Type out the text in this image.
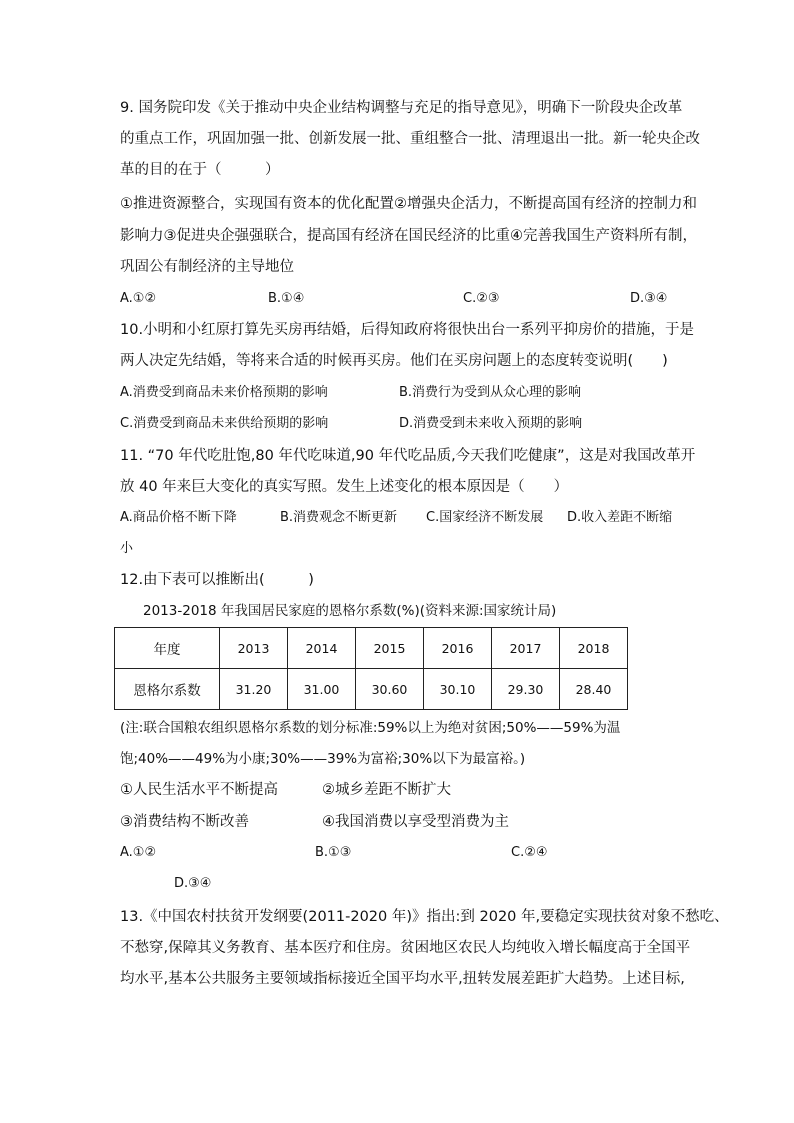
9. 国务院印发《关于推动中央企业结构调整与充足的指导意见》，明确下一阶段央企改革
的重点工作，巩固加强一批、创新发展一批、重组整合一批、清理退出一批。新一轮央企改
革的目的在于（　　　）
①推进资源整合，实现国有资本的优化配置②增强央企活力，不断提高国有经济的控制力和
影响力③促进央企强强联合，提高国有经济在国民经济的比重④完善我国生产资料所有制，
巩固公有制经济的主导地位
A.①②	B.①④	C.②③	D.③④
10.小明和小红原打算先买房再结婚，后得知政府将很快出台一系列平抑房价的措施，于是
两人决定先结婚，等将来合适的时候再买房。他们在买房问题上的态度转变说明(　　)
A.消费受到商品未来价格预期的影响	B.消费行为受到从众心理的影响
C.消费受到商品未来供给预期的影响	D.消费受到未来收入预期的影响
11. “70 年代吃肚饱,80 年代吃味道,90 年代吃品质,今天我们吃健康”，这是对我国改革开
放 40 年来巨大变化的真实写照。发生上述变化的根本原因是（　　）
A.商品价格不断下降	B.消费观念不断更新 C.国家经济不断发展 D.收入差距不断缩
小
12.由下表可以推断出(　　　)
2013-2018 年我国居民家庭的恩格尔系数(%)(资料来源:国家统计局)
年度	2013	2014	2015	2016	2017	2018
恩格尔系数	31.20	31.00	30.60	30.10	29.30	28.40
(注:联合国粮农组织恩格尔系数的划分标准:59%以上为绝对贫困;50%——59%为温
饱;40%——49%为小康;30%——39%为富裕;30%以下为最富裕。)
①人民生活水平不断提高	②城乡差距不断扩大
③消费结构不断改善	④我国消费以享受型消费为主
A.①②	B.①③	C.②④
D.③④
13.《中国农村扶贫开发纲要(2011-2020 年)》指出:到 2020 年,要稳定实现扶贫对象不愁吃、
不愁穿,保障其义务教育、基本医疗和住房。贫困地区农民人均纯收入增长幅度高于全国平
均水平,基本公共服务主要领域指标接近全国平均水平,扭转发展差距扩大趋势。上述目标,
